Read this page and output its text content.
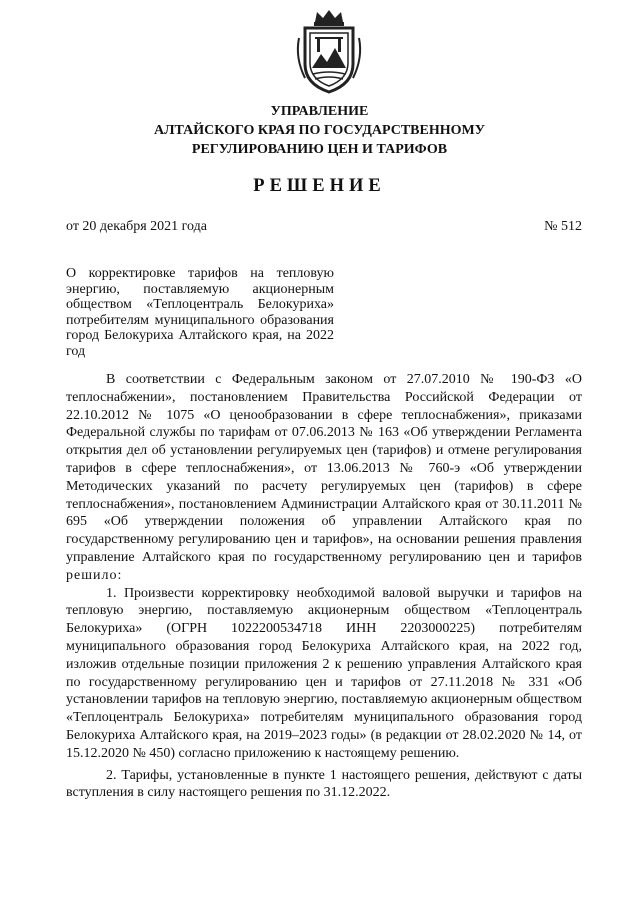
УПРАВЛЕНИЕ
АЛТАЙСКОГО КРАЯ ПО ГОСУДАРСТВЕННОМУ
РЕГУЛИРОВАНИЮ ЦЕН И ТАРИФОВ
РЕШЕНИЕ
от 20 декабря 2021 года	№ 512
О корректировке тарифов на тепловую энергию, поставляемую акционерным обществом «Теплоцентраль Белокуриха» потребителям муниципального образования город Белокуриха Алтайского края, на 2022 год

В соответствии с Федеральным законом от 27.07.2010 № 190-ФЗ «О теплоснабжении», постановлением Правительства Российской Федерации от 22.10.2012 № 1075 «О ценообразовании в сфере теплоснабжения», приказами Федеральной службы по тарифам от 07.06.2013 № 163 «Об утверждении Регламента открытия дел об установлении регулируемых цен (тарифов) и отмене регулирования тарифов в сфере теплоснабжения», от 13.06.2013 № 760-э «Об утверждении Методических указаний по расчету регулируемых цен (тарифов) в сфере теплоснабжения», постановлением Администрации Алтайского края от 30.11.2011 № 695 «Об утверждении положения об управлении Алтайского края по государственному регулированию цен и тарифов», на основании решения правления управление Алтайского края по государственному регулированию цен и тарифов решило:

1. Произвести корректировку необходимой валовой выручки и тарифов на тепловую энергию, поставляемую акционерным обществом «Теплоцентраль Белокуриха» (ОГРН 1022200534718 ИНН 2203000225) потребителям муниципального образования город Белокуриха Алтайского края, на 2022 год, изложив отдельные позиции приложения 2 к решению управления Алтайского края по государственному регулированию цен и тарифов от 27.11.2018 № 331 «Об установлении тарифов на тепловую энергию, поставляемую акционерным обществом «Теплоцентраль Белокуриха» потребителям муниципального образования город Белокуриха Алтайского края, на 2019–2023 годы» (в редакции от 28.02.2020 № 14, от 15.12.2020 № 450) согласно приложению к настоящему решению.

2. Тарифы, установленные в пункте 1 настоящего решения, действуют с даты вступления в силу настоящего решения по 31.12.2022.
